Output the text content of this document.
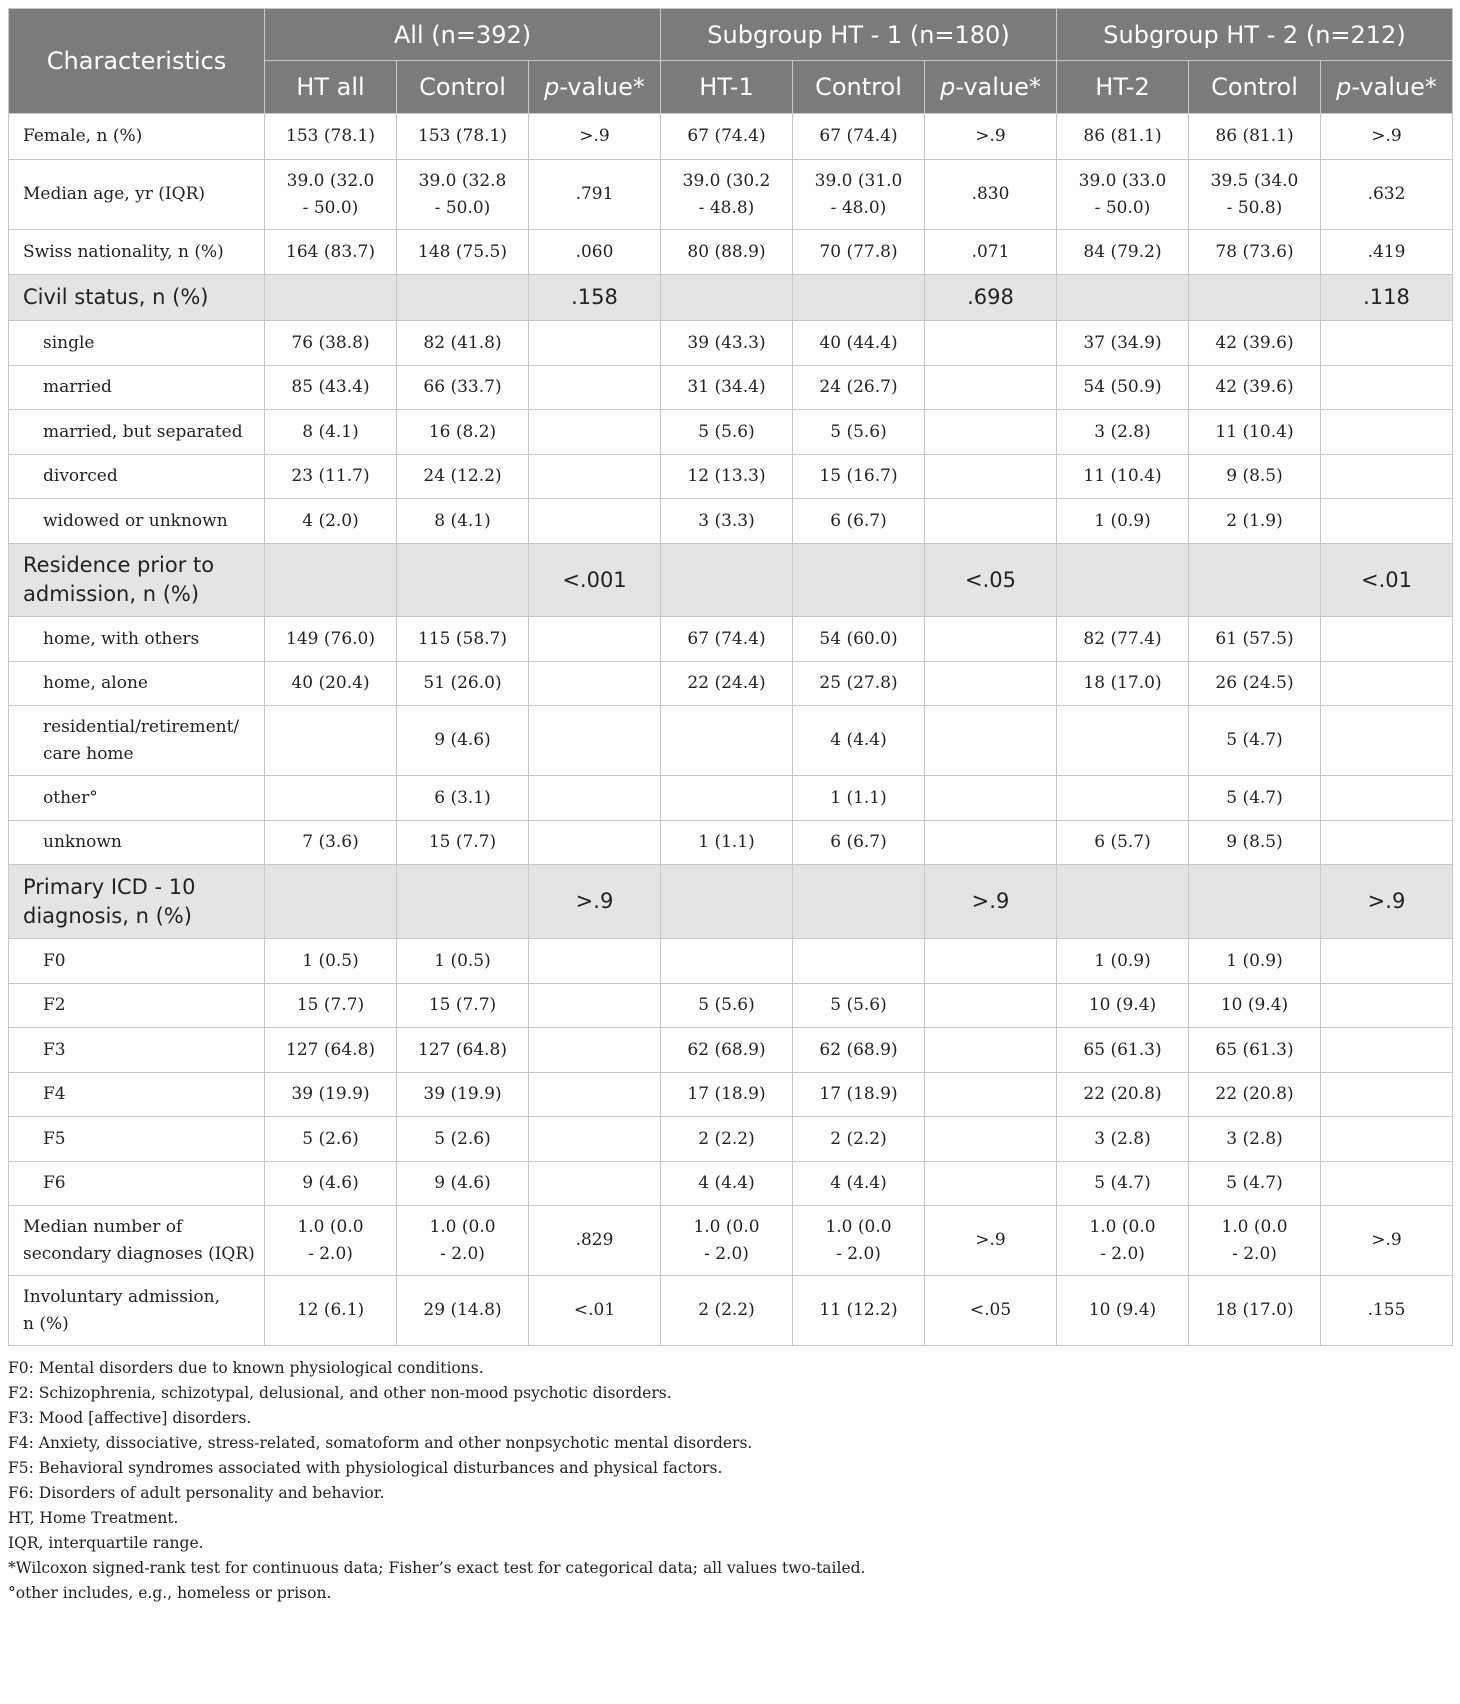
Characteristics	All (n=392)			Subgroup HT - 1 (n=180)			Subgroup HT - 2 (n=212)		
	HT all	Control	p-value*	HT-1	Control	p-value*	HT-2	Control	p-value*
Female, n (%)	153 (78.1)	153 (78.1)	>.9	67 (74.4)	67 (74.4)	>.9	86 (81.1)	86 (81.1)	>.9
Median age, yr (IQR)	39.0 (32.0
- 50.0)	39.0 (32.8
- 50.0)	.791	39.0 (30.2
- 48.8)	39.0 (31.0
- 48.0)	.830	39.0 (33.0
- 50.0)	39.5 (34.0
- 50.8)	.632
Swiss nationality, n (%)	164 (83.7)	148 (75.5)	.060	80 (88.9)	70 (77.8)	.071	84 (79.2)	78 (73.6)	.419
Civil status, n (%)			.158			.698			.118
single	76 (38.8)	82 (41.8)		39 (43.3)	40 (44.4)		37 (34.9)	42 (39.6)	
married	85 (43.4)	66 (33.7)		31 (34.4)	24 (26.7)		54 (50.9)	42 (39.6)	
married, but separated	8 (4.1)	16 (8.2)		5 (5.6)	5 (5.6)		3 (2.8)	11 (10.4)	
divorced	23 (11.7)	24 (12.2)		12 (13.3)	15 (16.7)		11 (10.4)	9 (8.5)	
widowed or unknown	4 (2.0)	8 (4.1)		3 (3.3)	6 (6.7)		1 (0.9)	2 (1.9)	
Residence prior to
admission, n (%)			<.001			<.05			<.01
home, with others	149 (76.0)	115 (58.7)		67 (74.4)	54 (60.0)		82 (77.4)	61 (57.5)	
home, alone	40 (20.4)	51 (26.0)		22 (24.4)	25 (27.8)		18 (17.0)	26 (24.5)	
residential/retirement/
care home		9 (4.6)			4 (4.4)			5 (4.7)	
other°		6 (3.1)			1 (1.1)			5 (4.7)	
unknown	7 (3.6)	15 (7.7)		1 (1.1)	6 (6.7)		6 (5.7)	9 (8.5)	
Primary ICD - 10
diagnosis, n (%)			>.9			>.9			>.9
F0	1 (0.5)	1 (0.5)					1 (0.9)	1 (0.9)	
F2	15 (7.7)	15 (7.7)		5 (5.6)	5 (5.6)		10 (9.4)	10 (9.4)	
F3	127 (64.8)	127 (64.8)		62 (68.9)	62 (68.9)		65 (61.3)	65 (61.3)	
F4	39 (19.9)	39 (19.9)		17 (18.9)	17 (18.9)		22 (20.8)	22 (20.8)	
F5	5 (2.6)	5 (2.6)		2 (2.2)	2 (2.2)		3 (2.8)	3 (2.8)	
F6	9 (4.6)	9 (4.6)		4 (4.4)	4 (4.4)		5 (4.7)	5 (4.7)	
Median number of
secondary diagnoses (IQR)	1.0 (0.0
- 2.0)	1.0 (0.0
- 2.0)	.829	1.0 (0.0
- 2.0)	1.0 (0.0
- 2.0)	>.9	1.0 (0.0
- 2.0)	1.0 (0.0
- 2.0)	>.9
Involuntary admission,
n (%)	12 (6.1)	29 (14.8)	<.01	2 (2.2)	11 (12.2)	<.05	10 (9.4)	18 (17.0)	.155
F0: Mental disorders due to known physiological conditions.
F2: Schizophrenia, schizotypal, delusional, and other non-mood psychotic disorders.
F3: Mood [affective] disorders.
F4: Anxiety, dissociative, stress-related, somatoform and other nonpsychotic mental disorders.
F5: Behavioral syndromes associated with physiological disturbances and physical factors.
F6: Disorders of adult personality and behavior.
HT, Home Treatment.
IQR, interquartile range.
*Wilcoxon signed-rank test for continuous data; Fisher’s exact test for categorical data; all values two-tailed.
°other includes, e.g., homeless or prison.
